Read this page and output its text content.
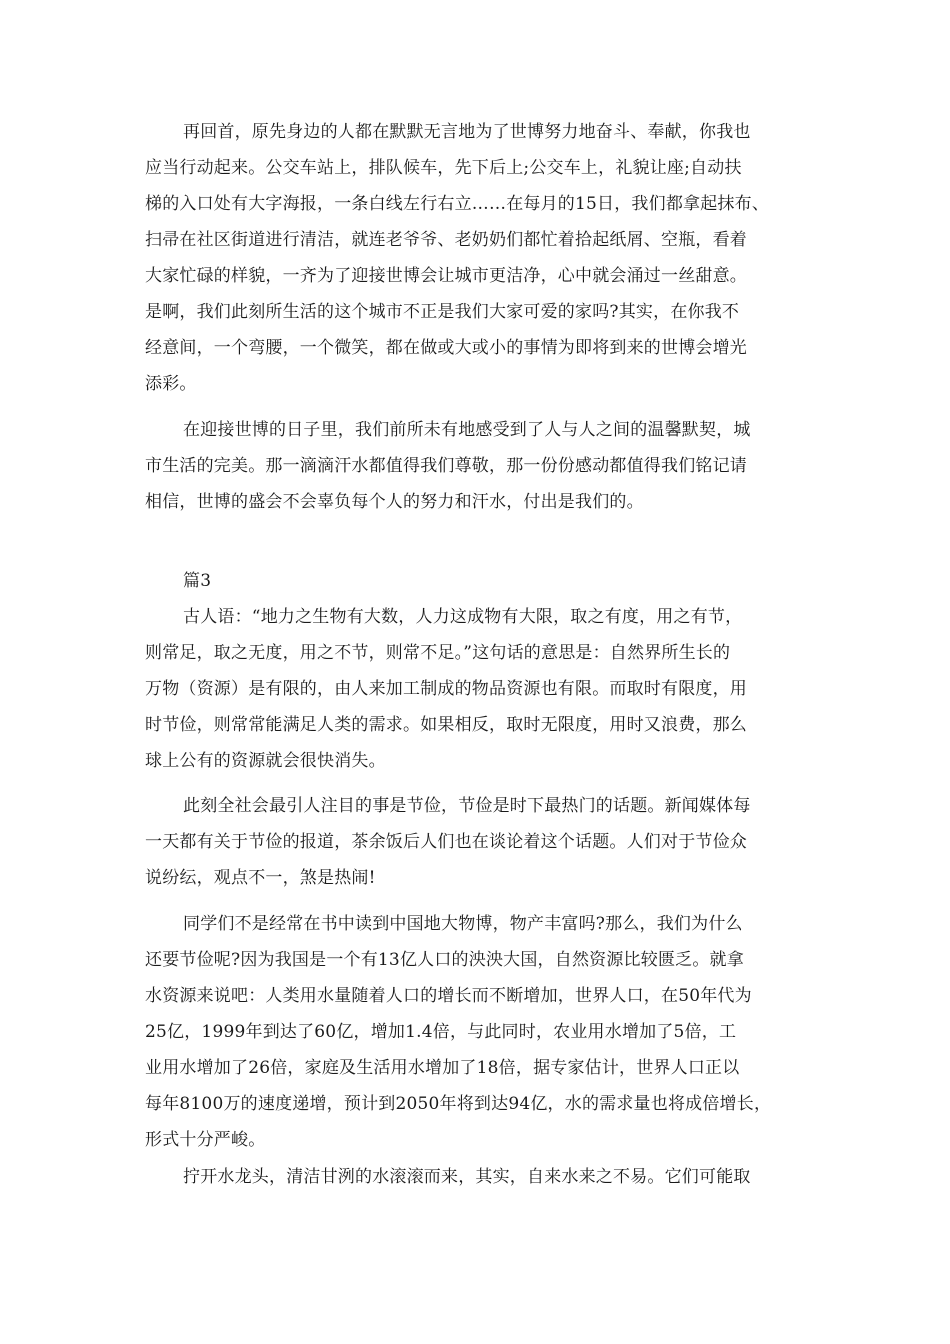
再回首，原先身边的人都在默默无言地为了世博努力地奋斗、奉献，你我也
应当行动起来。公交车站上，排队候车，先下后上;公交车上，礼貌让座;自动扶
梯的入口处有大字海报，一条白线左行右立……在每月的15日，我们都拿起抹布、
扫帚在社区街道进行清洁，就连老爷爷、老奶奶们都忙着拾起纸屑、空瓶，看着
大家忙碌的样貌，一齐为了迎接世博会让城市更洁净，心中就会涌过一丝甜意。
是啊，我们此刻所生活的这个城市不正是我们大家可爱的家吗?其实，在你我不
经意间，一个弯腰，一个微笑，都在做或大或小的事情为即将到来的世博会增光
添彩。
在迎接世博的日子里，我们前所未有地感受到了人与人之间的温馨默契，城
市生活的完美。那一滴滴汗水都值得我们尊敬，那一份份感动都值得我们铭记请
相信，世博的盛会不会辜负每个人的努力和汗水，付出是我们的。
篇3
古人语：“地力之生物有大数，人力这成物有大限，取之有度，用之有节，
则常足，取之无度，用之不节，则常不足。”这句话的意思是：自然界所生长的
万物（资源）是有限的，由人来加工制成的物品资源也有限。而取时有限度，用
时节俭，则常常能满足人类的需求。如果相反，取时无限度，用时又浪费，那么
球上公有的资源就会很快消失。
此刻全社会最引人注目的事是节俭，节俭是时下最热门的话题。新闻媒体每
一天都有关于节俭的报道，茶余饭后人们也在谈论着这个话题。人们对于节俭众
说纷纭，观点不一，煞是热闹!
同学们不是经常在书中读到中国地大物博，物产丰富吗?那么，我们为什么
还要节俭呢?因为我国是一个有13亿人口的泱泱大国，自然资源比较匮乏。就拿
水资源来说吧：人类用水量随着人口的增长而不断增加，世界人口，在50年代为
25亿，1999年到达了60亿，增加1.4倍，与此同时，农业用水增加了5倍，工
业用水增加了26倍，家庭及生活用水增加了18倍，据专家估计，世界人口正以
每年8100万的速度递增，预计到2050年将到达94亿，水的需求量也将成倍增长，
形式十分严峻。
拧开水龙头，清洁甘洌的水滚滚而来，其实，自来水来之不易。它们可能取
